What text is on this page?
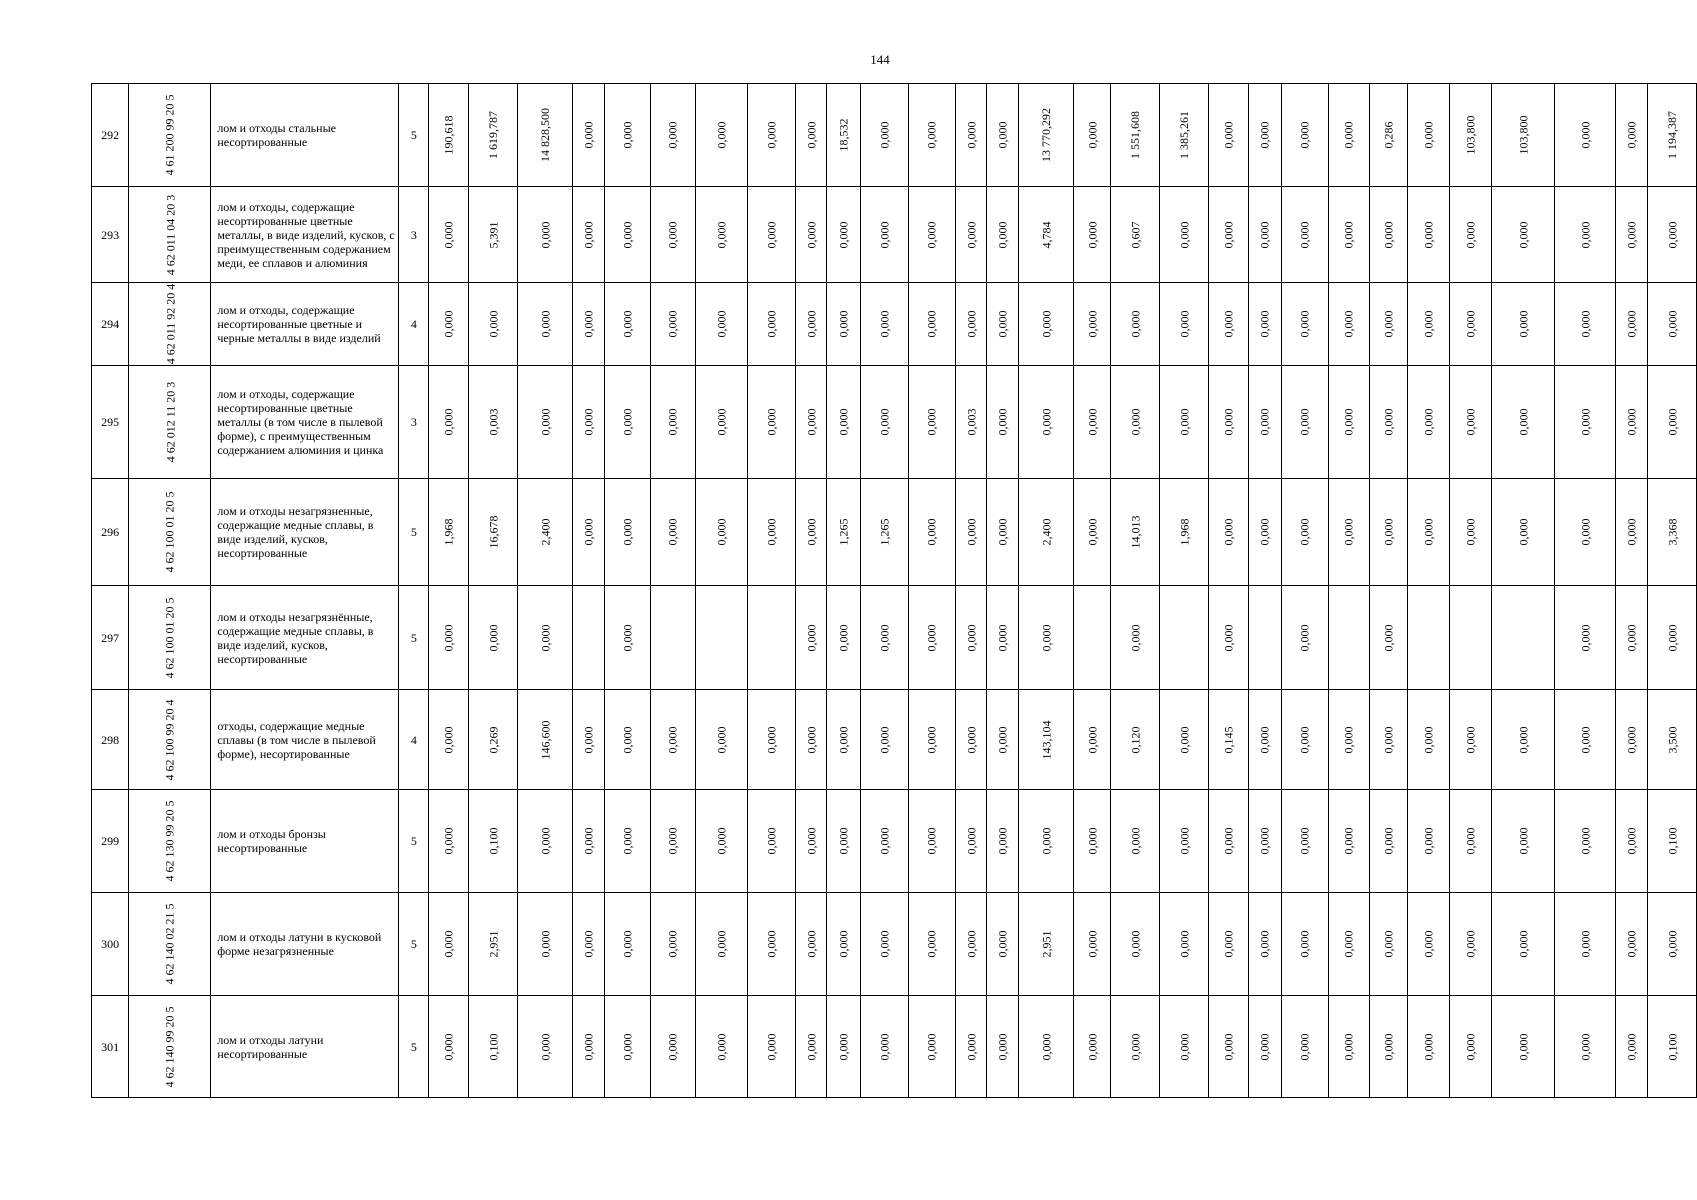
144
292	4 61 200 99 20 5	лом и отходы стальные несортированные	5	190,618	1 619,787	14 828,500	0,000	0,000	0,000	0,000	0,000	0,000	18,532	0,000	0,000	0,000	0,000	13 770,292	0,000	1 551,608	1 385,261	0,000	0,000	0,000	0,000	0,286	0,000	103,800	103,800	0,000	0,000	1 194,387

293	4 62 011 04 20 3	лом и отходы, содержащие несортированные цветные металлы, в виде изделий, кусков, с преимущественным содержанием меди, ее сплавов и алюминия	3	0,000	5,391	0,000	0,000	0,000	0,000	0,000	0,000	0,000	0,000	0,000	0,000	0,000	0,000	4,784	0,000	0,607	0,000	0,000	0,000	0,000	0,000	0,000	0,000	0,000	0,000	0,000	0,000	0,000

294	4 62 011 92 20 4	лом и отходы, содержащие несортированные цветные и черные металлы в виде изделий	4	0,000	0,000	0,000	0,000	0,000	0,000	0,000	0,000	0,000	0,000	0,000	0,000	0,000	0,000	0,000	0,000	0,000	0,000	0,000	0,000	0,000	0,000	0,000	0,000	0,000	0,000	0,000	0,000	0,000

295	4 62 012 11 20 3	лом и отходы, содержащие несортированные цветные металлы (в том числе в пылевой форме), с преимущественным содержанием алюминия и цинка	3	0,000	0,003	0,000	0,000	0,000	0,000	0,000	0,000	0,000	0,000	0,000	0,000	0,003	0,000	0,000	0,000	0,000	0,000	0,000	0,000	0,000	0,000	0,000	0,000	0,000	0,000	0,000	0,000	0,000

296	4 62 100 01 20 5	лом и отходы незагрязненные, содержащие медные сплавы, в виде изделий, кусков, несортированные	5	1,968	16,678	2,400	0,000	0,000	0,000	0,000	0,000	0,000	1,265	1,265	0,000	0,000	0,000	2,400	0,000	14,013	1,968	0,000	0,000	0,000	0,000	0,000	0,000	0,000	0,000	0,000	0,000	3,368

297	4 62 100 01 20 5	лом и отходы незагрязнённые, содержащие медные сплавы, в виде изделий, кусков, несортированные	5	0,000	0,000	0,000		0,000				0,000	0,000	0,000	0,000	0,000	0,000	0,000		0,000		0,000		0,000		0,000				0,000	0,000	0,000

298	4 62 100 99 20 4	отходы, содержащие медные сплавы (в том числе в пылевой форме), несортированные	4	0,000	0,269	146,600	0,000	0,000	0,000	0,000	0,000	0,000	0,000	0,000	0,000	0,000	0,000	143,104	0,000	0,120	0,000	0,145	0,000	0,000	0,000	0,000	0,000	0,000	0,000	0,000	0,000	3,500

299	4 62 130 99 20 5	лом и отходы бронзы несортированные	5	0,000	0,100	0,000	0,000	0,000	0,000	0,000	0,000	0,000	0,000	0,000	0,000	0,000	0,000	0,000	0,000	0,000	0,000	0,000	0,000	0,000	0,000	0,000	0,000	0,000	0,000	0,000	0,000	0,100

300	4 62 140 02 21 5	лом и отходы латуни в кусковой форме незагрязненные	5	0,000	2,951	0,000	0,000	0,000	0,000	0,000	0,000	0,000	0,000	0,000	0,000	0,000	0,000	2,951	0,000	0,000	0,000	0,000	0,000	0,000	0,000	0,000	0,000	0,000	0,000	0,000	0,000	0,000

301	4 62 140 99 20 5	лом и отходы латуни несортированные	5	0,000	0,100	0,000	0,000	0,000	0,000	0,000	0,000	0,000	0,000	0,000	0,000	0,000	0,000	0,000	0,000	0,000	0,000	0,000	0,000	0,000	0,000	0,000	0,000	0,000	0,000	0,000	0,000	0,100
